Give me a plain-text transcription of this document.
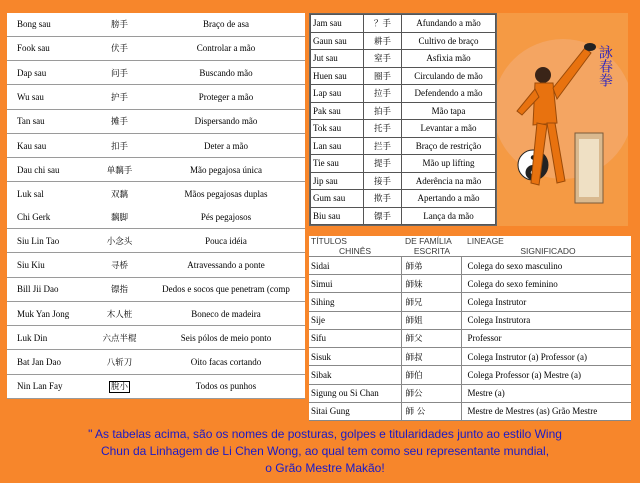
Bong sau	膀手	Braço de asa
Fook sau	伏手	Controlar a mão
Dap sau	问手	Buscando mão
Wu sau	护手	Proteger a mão
Tan sau	摊手	Dispersando mão
Kau sau	扣手	Deter a mão
Dau chi sau	单黐手	Mão pegajosa única
Luk sal	双黐	Mãos pegajosas duplas
Chi Gerk	黐脚	Pés pegajosos
Siu Lin Tao	小念头	Pouca idéia
Siu Kiu	寻桥	Atravessando a ponte
Bill Jii Dao	镖指	Dedos e socos que penetram (comp
Muk Yan Jong	木人桩	Boneco de madeira
Luk Din	六点半棍	Seis pólos de meio ponto
Bat Jan Dao	八斩刀	Oito facas cortando
Nin Lan Fay	脫小	Todos os punhos
Jam sau	？手	Afundando a mão
Gaun sau	耕手	Cultivo de braço
Jut sau	窒手	Asfixia mão
Huen sau	圈手	Circulando de mão
Lap sau	拉手	Defendendo a mão
Pak sau	拍手	Mão tapa
Tok sau	托手	Levantar a mão
Lan sau	拦手	Braço de restrição
Tie sau	提手	Mão up lifting
Jip sau	接手	Aderência na mão
Gum sau	揿手	Apertando a mão
Biu sau	镖手	Lança da mão
詠春拳
TÍTULOS	DE FAMÍLIA	LINEAGE
CHINÊS	ESCRITA	SIGNIFICADO
Sidai	師弟	Colega do sexo masculino
Simui	師妹	Colega do sexo feminino
Sihing	師兄	Colega Instrutor
Sije	師姐	Colega Instrutora
Sifu	師父	Professor
Sisuk	師叔	Colega Instrutor (a) Professor (a)
Sibak	師伯	Colega Professor (a) Mestre (a)
Sigung ou Si Chan	師公	Mestre (a)
Sitai Gung	師 公	Mestre de Mestres (as) Grão Mestre
" As tabelas acima, são os nomes de posturas, golpes e titularidades junto ao estilo Wing
Chun da Linhagem de Li Chen Wong, ao qual tem como seu representante mundial,
o Grão Mestre Makão!
